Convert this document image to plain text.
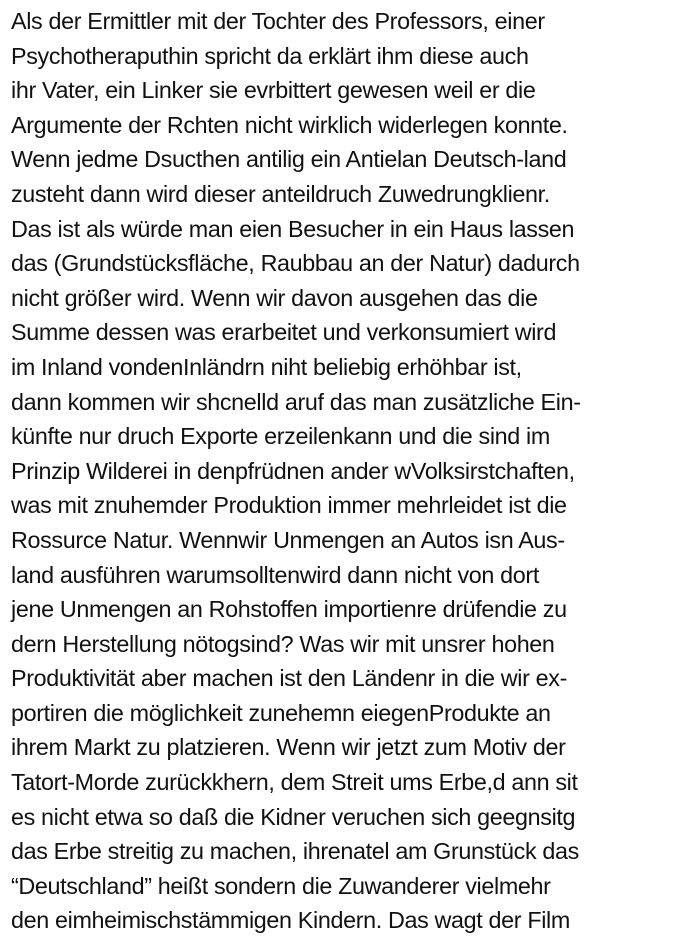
Als der Ermittler mit der Tochter des Professors, einer
Psychotheraputhin spricht da erklärt ihm diese auch
ihr Vater, ein Linker sie evrbittert gewesen weil er die
Argumente der Rchten nicht wirklich widerlegen konnte.
Wenn jedme Dsucthen antilig ein Antielan Deutsch-land
zusteht dann wird dieser anteildruch Zuwedrungklienr.
Das ist als würde man eien Besucher in ein Haus lassen
das (Grundstücksfläche, Raubbau an der Natur) dadurch
nicht größer wird. Wenn wir davon ausgehen das die
Summe dessen was erarbeitet und verkonsumiert wird
im Inland vondenInländrn niht beliebig erhöhbar ist,
dann kommen wir shcnelld aruf das man zusätzliche Ein-
künfte nur druch Exporte erzeilenkann und die sind im
Prinzip Wilderei in denpfrüdnen ander wVolksirstchaften,
was mit znuhemder Produktion immer mehrleidet ist die
Rossurce Natur. Wennwir Unmengen an Autos isn Aus-
land ausführen warumsolltenwird dann nicht von dort
jene Unmengen an Rohstoffen importienre drüfendie zu
dern Herstellung nötogsind? Was wir mit unsrer hohen
Produktivität aber machen ist den Ländenr in die wir ex-
portiren die möglichkeit zunehemn eiegenProdukte an
ihrem Markt zu platzieren. Wenn wir jetzt zum Motiv der
Tatort-Morde zurückkhern, dem Streit ums Erbe,d ann sit
es nicht etwa so daß die Kidner veruchen sich geegnsitg
das Erbe streitig zu machen, ihrenatel am Grunstück das
“Deutschland” heißt sondern die Zuwanderer vielmehr
den eimheimischstämmigen Kindern. Das wagt der Film
